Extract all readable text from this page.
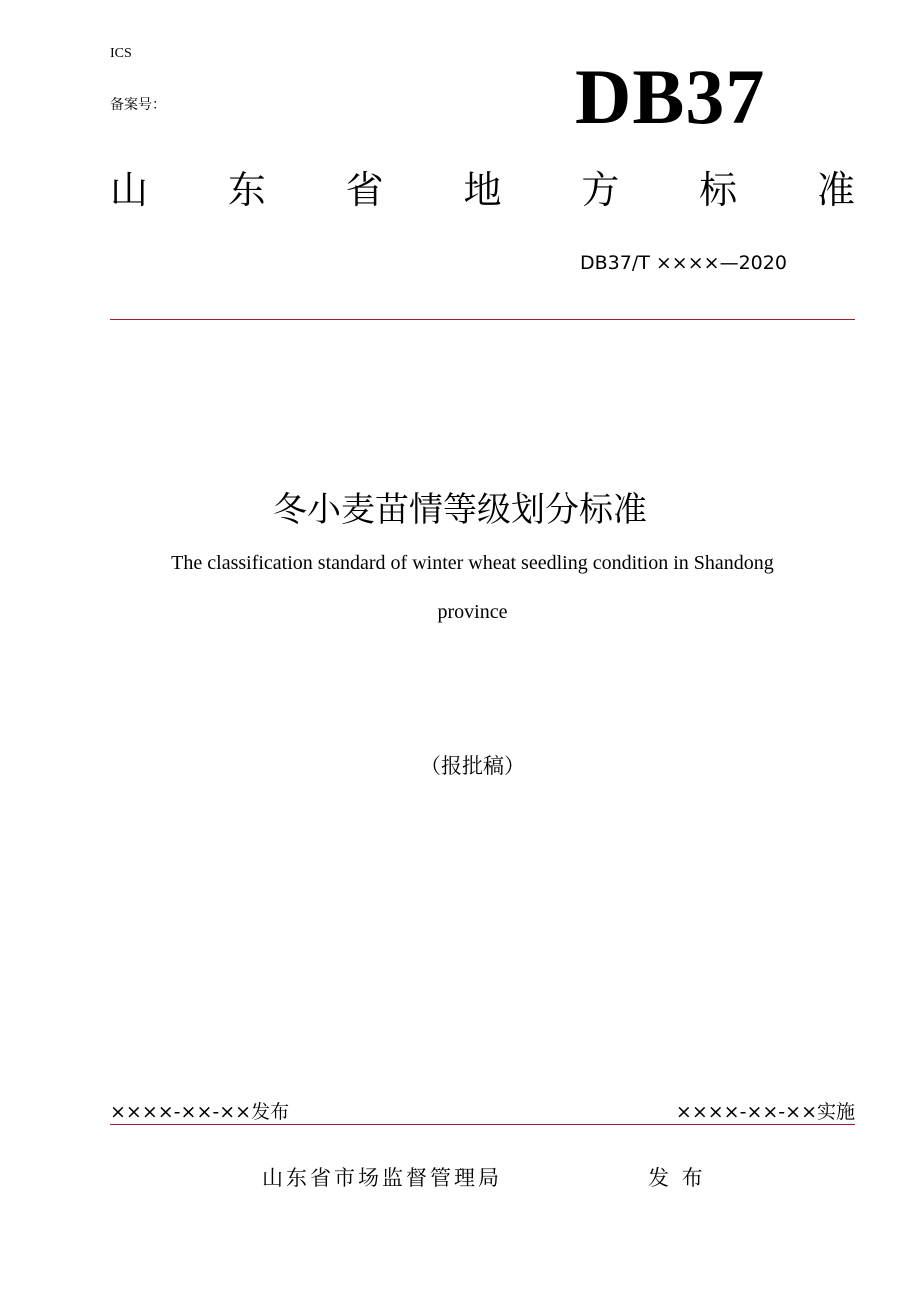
ICS
备案号：	DB37
山 东 省 地 方 标 准
DB37/T ××××—2020
冬小麦苗情等级划分标准
The classification standard of winter wheat seedling condition in Shandong
province
（报批稿）
××××-××-××发布	××××-××-××实施
山东省市场监督管理局	发 布
